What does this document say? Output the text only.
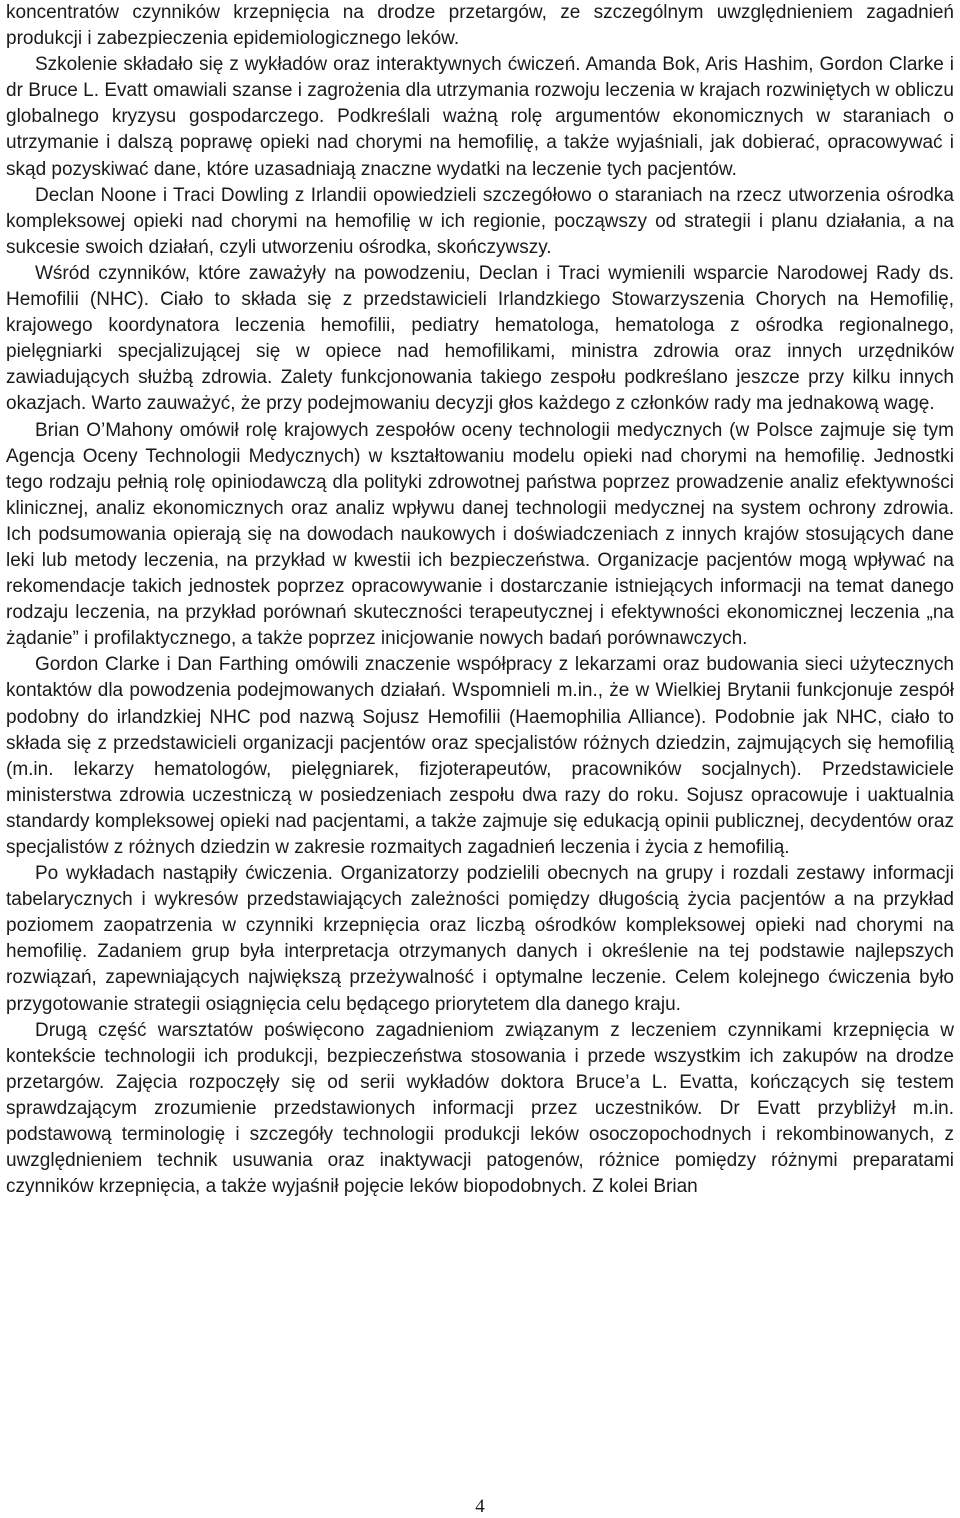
koncentratów czynników krzepnięcia na drodze przetargów, ze szczególnym uwzględnieniem zagadnień produkcji i zabezpieczenia epidemiologicznego leków.

Szkolenie składało się z wykładów oraz interaktywnych ćwiczeń. Amanda Bok, Aris Hashim, Gordon Clarke i dr Bruce L. Evatt omawiali szanse i zagrożenia dla utrzymania rozwoju leczenia w krajach rozwiniętych w obliczu globalnego kryzysu gospodarczego. Podkreślali ważną rolę argumentów ekonomicznych w staraniach o utrzymanie i dalszą poprawę opieki nad chorymi na hemofilię, a także wyjaśniali, jak dobierać, opracowywać i skąd pozyskiwać dane, które uzasadniają znaczne wydatki na leczenie tych pacjentów.

Declan Noone i Traci Dowling z Irlandii opowiedzieli szczegółowo o staraniach na rzecz utworzenia ośrodka kompleksowej opieki nad chorymi na hemofilię w ich regionie, począwszy od strategii i planu działania, a na sukcesie swoich działań, czyli utworzeniu ośrodka, skończywszy.

Wśród czynników, które zaważyły na powodzeniu, Declan i Traci wymienili wsparcie Narodowej Rady ds. Hemofilii (NHC). Ciało to składa się z przedstawicieli Irlandzkiego Stowarzyszenia Chorych na Hemofilię, krajowego koordynatora leczenia hemofilii, pediatry hematologa, hematologa z ośrodka regionalnego, pielęgniarki specjalizującej się w opiece nad hemofilikami, ministra zdrowia oraz innych urzędników zawiadujących służbą zdrowia. Zalety funkcjonowania takiego zespołu podkreślano jeszcze przy kilku innych okazjach. Warto zauważyć, że przy podejmowaniu decyzji głos każdego z członków rady ma jednakową wagę.

Brian O’Mahony omówił rolę krajowych zespołów oceny technologii medycznych (w Polsce zajmuje się tym Agencja Oceny Technologii Medycznych) w kształtowaniu modelu opieki nad chorymi na hemofilię. Jednostki tego rodzaju pełnią rolę opiniodawczą dla polityki zdrowotnej państwa poprzez prowadzenie analiz efektywności klinicznej, analiz ekonomicznych oraz analiz wpływu danej technologii medycznej na system ochrony zdrowia. Ich podsumowania opierają się na dowodach naukowych i doświadczeniach z innych krajów stosujących dane leki lub metody leczenia, na przykład w kwestii ich bezpieczeństwa. Organizacje pacjentów mogą wpływać na rekomendacje takich jednostek poprzez opracowywanie i dostarczanie istniejących informacji na temat danego rodzaju leczenia, na przykład porównań skuteczności terapeutycznej i efektywności ekonomicznej leczenia „na żądanie” i profilaktycznego, a także poprzez inicjowanie nowych badań porównawczych.

Gordon Clarke i Dan Farthing omówili znaczenie współpracy z lekarzami oraz budowania sieci użytecznych kontaktów dla powodzenia podejmowanych działań. Wspomnieli m.in., że w Wielkiej Brytanii funkcjonuje zespół podobny do irlandzkiej NHC pod nazwą Sojusz Hemofilii (Haemophilia Alliance). Podobnie jak NHC, ciało to składa się z przedstawicieli organizacji pacjentów oraz specjalistów różnych dziedzin, zajmujących się hemofilią (m.in. lekarzy hematologów, pielęgniarek, fizjoterapeutów, pracowników socjalnych). Przedstawiciele ministerstwa zdrowia uczestniczą w posiedzeniach zespołu dwa razy do roku. Sojusz opracowuje i uaktualnia standardy kompleksowej opieki nad pacjentami, a także zajmuje się edukacją opinii publicznej, decydentów oraz specjalistów z różnych dziedzin w zakresie rozmaitych zagadnień leczenia i życia z hemofilią.

Po wykładach nastąpiły ćwiczenia. Organizatorzy podzielili obecnych na grupy i rozdali zestawy informacji tabelarycznych i wykresów przedstawiających zależności pomiędzy długością życia pacjentów a na przykład poziomem zaopatrzenia w czynniki krzepnięcia oraz liczbą ośrodków kompleksowej opieki nad chorymi na hemofilię. Zadaniem grup była interpretacja otrzymanych danych i określenie na tej podstawie najlepszych rozwiązań, zapewniających największą przeżywalność i optymalne leczenie. Celem kolejnego ćwiczenia było przygotowanie strategii osiągnięcia celu będącego priorytetem dla danego kraju.

Drugą część warsztatów poświęcono zagadnieniom związanym z leczeniem czynnikami krzepnięcia w kontekście technologii ich produkcji, bezpieczeństwa stosowania i przede wszystkim ich zakupów na drodze przetargów. Zajęcia rozpoczęły się od serii wykładów doktora Bruce’a L. Evatta, kończących się testem sprawdzającym zrozumienie przedstawionych informacji przez uczestników. Dr Evatt przybliżył m.in. podstawową terminologię i szczegóły technologii produkcji leków osoczopochodnych i rekombinowanych, z uwzględnieniem technik usuwania oraz inaktywacji patogenów, różnice pomiędzy różnymi preparatami czynników krzepnięcia, a także wyjaśnił pojęcie leków biopodobnych. Z kolei Brian

4
